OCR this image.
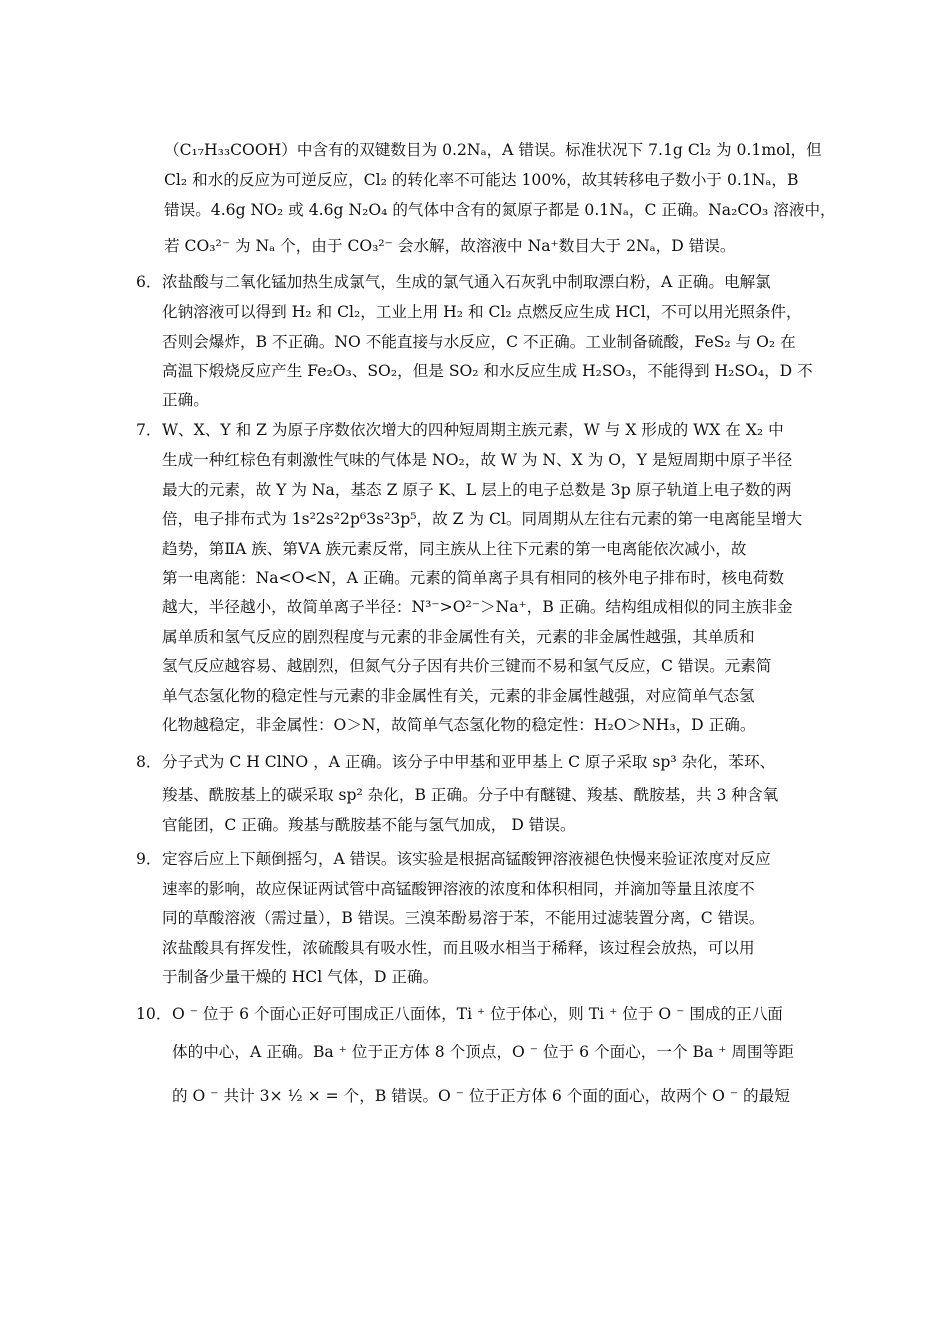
（C₁₇H₃₃COOH）中含有的双键数目为 0.2Nₐ，A 错误。标准状况下 7.1g Cl₂ 为 0.1mol，但
Cl₂ 和水的反应为可逆反应，Cl₂ 的转化率不可能达 100%，故其转移电子数小于 0.1Nₐ，B
错误。4.6g NO₂ 或 4.6g N₂O₄ 的气体中含有的氮原子都是 0.1Nₐ，C 正确。Na₂CO₃ 溶液中，
若 CO₃²⁻ 为 Nₐ 个，由于 CO₃²⁻ 会水解，故溶液中 Na⁺数目大于 2Nₐ，D 错误。
6． 浓盐酸与二氧化锰加热生成氯气，生成的氯气通入石灰乳中制取漂白粉，A 正确。电解氯
化钠溶液可以得到 H₂ 和 Cl₂，工业上用 H₂ 和 Cl₂ 点燃反应生成 HCl，不可以用光照条件，
否则会爆炸，B 不正确。NO 不能直接与水反应，C 不正确。工业制备硫酸，FeS₂ 与 O₂ 在
高温下煅烧反应产生 Fe₂O₃、SO₂，但是 SO₂ 和水反应生成 H₂SO₃，不能得到 H₂SO₄，D 不
正确。
7． W、X、Y 和 Z 为原子序数依次增大的四种短周期主族元素，W 与 X 形成的 WX 在 X₂ 中
生成一种红棕色有刺激性气味的气体是 NO₂，故 W 为 N、X 为 O，Y 是短周期中原子半径
最大的元素，故 Y 为 Na，基态 Z 原子 K、L 层上的电子总数是 3p 原子轨道上电子数的两
倍，电子排布式为 1s²2s²2p⁶3s²3p⁵，故 Z 为 Cl。同周期从左往右元素的第一电离能呈增大
趋势，第ⅡA 族、第ⅤA 族元素反常，同主族从上往下元素的第一电离能依次减小，故
第一电离能：Na<O<N，A 正确。元素的简单离子具有相同的核外电子排布时，核电荷数
越大，半径越小，故简单离子半径：N³⁻>O²⁻＞Na⁺，B 正确。结构组成相似的同主族非金
属单质和氢气反应的剧烈程度与元素的非金属性有关，元素的非金属性越强，其单质和
氢气反应越容易、越剧烈，但氮气分子因有共价三键而不易和氢气反应，C 错误。元素简
单气态氢化物的稳定性与元素的非金属性有关，元素的非金属性越强，对应简单气态氢
化物越稳定，非金属性：O＞N，故简单气态氢化物的稳定性：H₂O＞NH₃，D 正确。
8． 分子式为 C H ClNO ，A 正确。该分子中甲基和亚甲基上 C 原子采取 sp³ 杂化，苯环、
羧基、酰胺基上的碳采取 sp² 杂化，B 正确。分子中有醚键、羧基、酰胺基，共 3 种含氧
官能团，C 正确。羧基与酰胺基不能与氢气加成， D 错误。
9． 定容后应上下颠倒摇匀，A 错误。该实验是根据高锰酸钾溶液褪色快慢来验证浓度对反应
速率的影响，故应保证两试管中高锰酸钾溶液的浓度和体积相同，并滴加等量且浓度不
同的草酸溶液（需过量），B 错误。三溴苯酚易溶于苯，不能用过滤装置分离，C 错误。
浓盐酸具有挥发性，浓硫酸具有吸水性，而且吸水相当于稀释，该过程会放热，可以用
于制备少量干燥的 HCl 气体，D 正确。
10． O ⁻ 位于 6 个面心正好可围成正八面体，Ti ⁺ 位于体心，则 Ti ⁺ 位于 O ⁻ 围成的正八面
体的中心，A 正确。Ba ⁺ 位于正方体 8 个顶点，O ⁻ 位于 6 个面心，一个 Ba ⁺ 周围等距
的 O ⁻ 共计 3× ¹⁄₂ × = 个，B 错误。O ⁻ 位于正方体 6 个面的面心，故两个 O ⁻ 的最短
